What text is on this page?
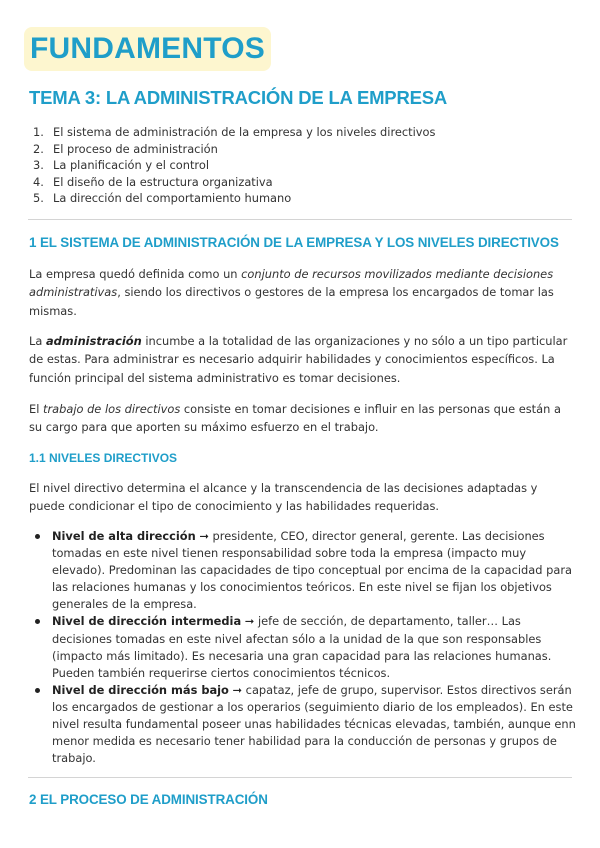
FUNDAMENTOS
TEMA 3: LA ADMINISTRACIÓN DE LA EMPRESA
1. El sistema de administración de la empresa y los niveles directivos
2. El proceso de administración
3. La planificación y el control
4. El diseño de la estructura organizativa
5. La dirección del comportamiento humano
1 EL SISTEMA DE ADMINISTRACIÓN DE LA EMPRESA Y LOS NIVELES DIRECTIVOS

La empresa quedó definida como un conjunto de recursos movilizados mediante decisiones administrativas, siendo los directivos o gestores de la empresa los encargados de tomar las mismas.

La administración incumbe a la totalidad de las organizaciones y no sólo a un tipo particular de estas. Para administrar es necesario adquirir habilidades y conocimientos específicos. La función principal del sistema administrativo es tomar decisiones.

El trabajo de los directivos consiste en tomar decisiones e influir en las personas que están a su cargo para que aporten su máximo esfuerzo en el trabajo.

1.1 NIVELES DIRECTIVOS

El nivel directivo determina el alcance y la transcendencia de las decisiones adaptadas y puede condicionar el tipo de conocimiento y las habilidades requeridas.

Nivel de alta dirección ➞ presidente, CEO, director general, gerente. Las decisiones tomadas en este nivel tienen responsabilidad sobre toda la empresa (impacto muy elevado). Predominan las capacidades de tipo conceptual por encima de la capacidad para las relaciones humanas y los conocimientos teóricos. En este nivel se fijan los objetivos generales de la empresa.
Nivel de dirección intermedia ➞ jefe de sección, de departamento, taller… Las decisiones tomadas en este nivel afectan sólo a la unidad de la que son responsables (impacto más limitado). Es necesaria una gran capacidad para las relaciones humanas. Pueden también requerirse ciertos conocimientos técnicos.
Nivel de dirección más bajo ➞ capataz, jefe de grupo, supervisor. Estos directivos serán los encargados de gestionar a los operarios (seguimiento diario de los empleados). En este nivel resulta fundamental poseer unas habilidades técnicas elevadas, también, aunque enn menor medida es necesario tener habilidad para la conducción de personas y grupos de trabajo.
2 EL PROCESO DE ADMINISTRACIÓN
